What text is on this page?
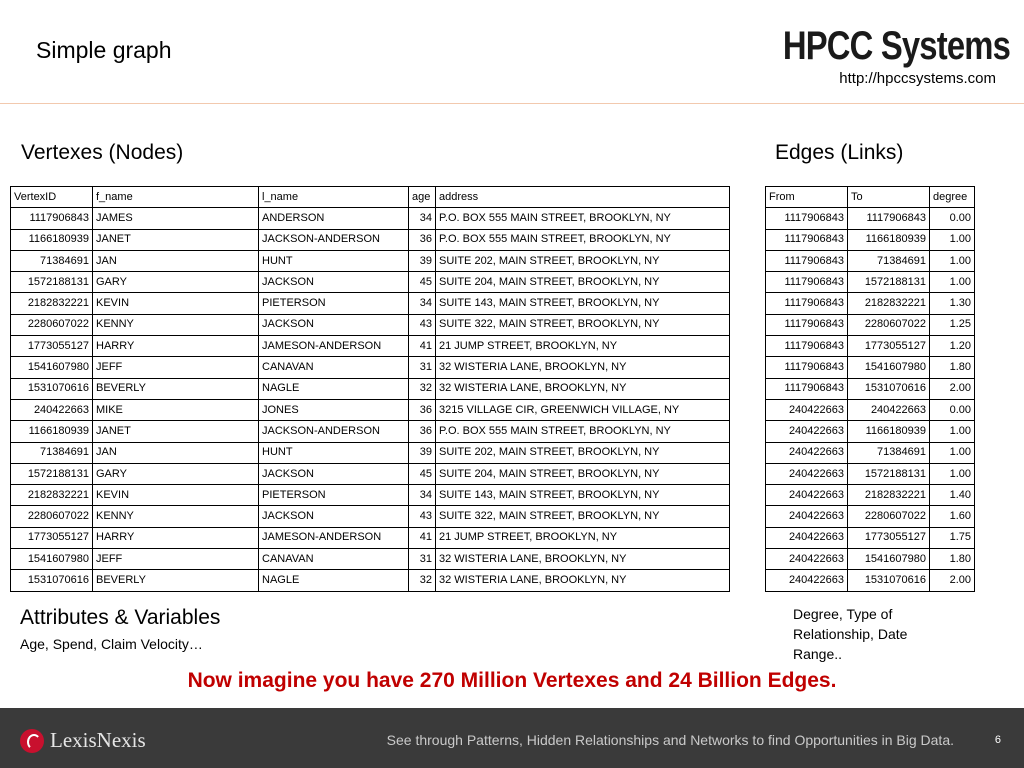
Simple graph	HPCC Systems
http://hpccsystems.com
Vertexes (Nodes)	Edges (Links)
VertexID	f_name	l_name	age	address
1117906843	JAMES	ANDERSON	34	P.O. BOX 555 MAIN STREET, BROOKLYN, NY
1166180939	JANET	JACKSON-ANDERSON	36	P.O. BOX 555 MAIN STREET, BROOKLYN, NY
71384691	JAN	HUNT	39	SUITE 202, MAIN STREET, BROOKLYN, NY
1572188131	GARY	JACKSON	45	SUITE 204, MAIN STREET, BROOKLYN, NY
2182832221	KEVIN	PIETERSON	34	SUITE 143, MAIN STREET, BROOKLYN, NY
2280607022	KENNY	JACKSON	43	SUITE 322, MAIN STREET, BROOKLYN, NY
1773055127	HARRY	JAMESON-ANDERSON	41	21 JUMP STREET, BROOKLYN, NY
1541607980	JEFF	CANAVAN	31	32 WISTERIA LANE, BROOKLYN, NY
1531070616	BEVERLY	NAGLE	32	32 WISTERIA LANE, BROOKLYN, NY
240422663	MIKE	JONES	36	3215 VILLAGE CIR, GREENWICH VILLAGE, NY
1166180939	JANET	JACKSON-ANDERSON	36	P.O. BOX 555 MAIN STREET, BROOKLYN, NY
71384691	JAN	HUNT	39	SUITE 202, MAIN STREET, BROOKLYN, NY
1572188131	GARY	JACKSON	45	SUITE 204, MAIN STREET, BROOKLYN, NY
2182832221	KEVIN	PIETERSON	34	SUITE 143, MAIN STREET, BROOKLYN, NY
2280607022	KENNY	JACKSON	43	SUITE 322, MAIN STREET, BROOKLYN, NY
1773055127	HARRY	JAMESON-ANDERSON	41	21 JUMP STREET, BROOKLYN, NY
1541607980	JEFF	CANAVAN	31	32 WISTERIA LANE, BROOKLYN, NY
1531070616	BEVERLY	NAGLE	32	32 WISTERIA LANE, BROOKLYN, NY
From	To	degree
1117906843	1117906843	0.00
1117906843	1166180939	1.00
1117906843	71384691	1.00
1117906843	1572188131	1.00
1117906843	2182832221	1.30
1117906843	2280607022	1.25
1117906843	1773055127	1.20
1117906843	1541607980	1.80
1117906843	1531070616	2.00
240422663	240422663	0.00
240422663	1166180939	1.00
240422663	71384691	1.00
240422663	1572188131	1.00
240422663	2182832221	1.40
240422663	2280607022	1.60
240422663	1773055127	1.75
240422663	1541607980	1.80
240422663	1531070616	2.00
Attributes & Variables
Age, Spend, Claim Velocity…
Degree, Type of Relationship, Date Range..
Now imagine you have 270 Million Vertexes and 24 Billion Edges.
LexisNexis	See through Patterns, Hidden Relationships and Networks to find Opportunities in Big Data.	6
